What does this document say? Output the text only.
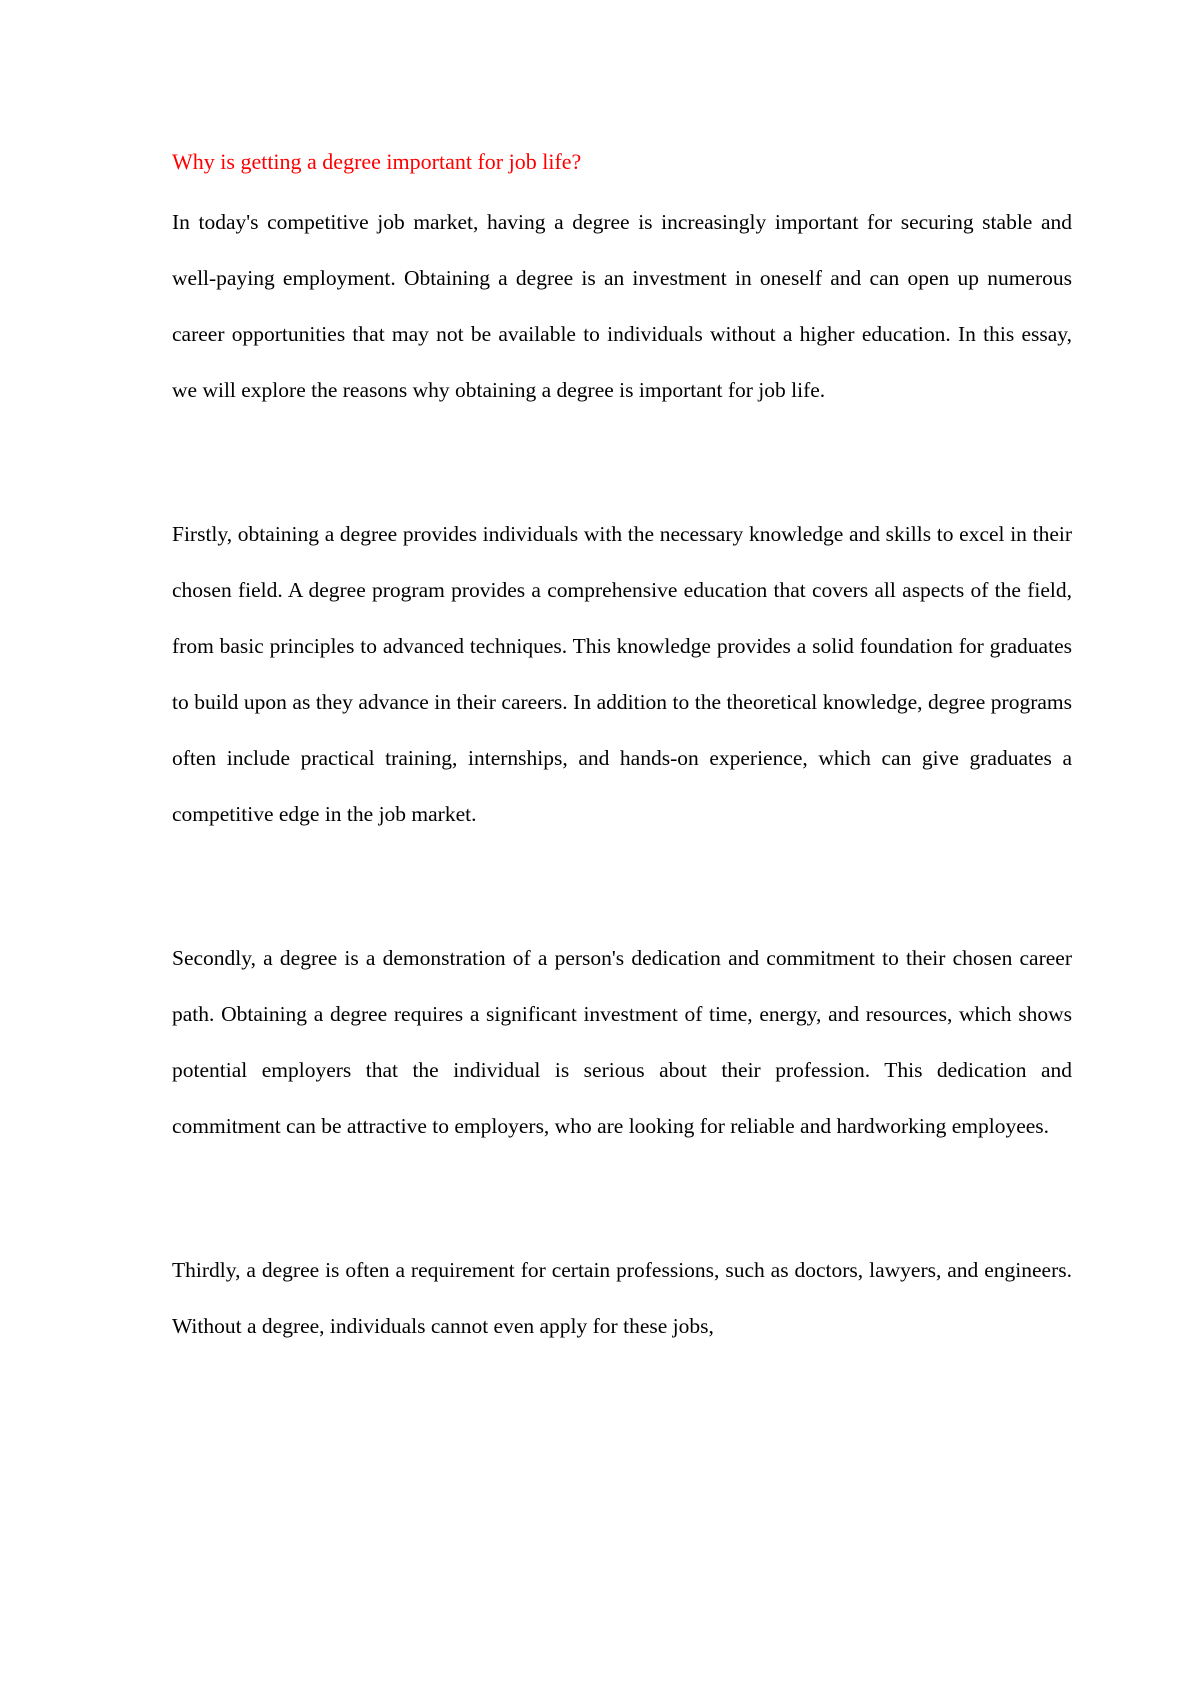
Why is getting a degree important for job life?

In today's competitive job market, having a degree is increasingly important for securing stable and well-paying employment. Obtaining a degree is an investment in oneself and can open up numerous career opportunities that may not be available to individuals without a higher education. In this essay, we will explore the reasons why obtaining a degree is important for job life.

Firstly, obtaining a degree provides individuals with the necessary knowledge and skills to excel in their chosen field. A degree program provides a comprehensive education that covers all aspects of the field, from basic principles to advanced techniques. This knowledge provides a solid foundation for graduates to build upon as they advance in their careers. In addition to the theoretical knowledge, degree programs often include practical training, internships, and hands-on experience, which can give graduates a competitive edge in the job market.

Secondly, a degree is a demonstration of a person's dedication and commitment to their chosen career path. Obtaining a degree requires a significant investment of time, energy, and resources, which shows potential employers that the individual is serious about their profession. This dedication and commitment can be attractive to employers, who are looking for reliable and hardworking employees.

Thirdly, a degree is often a requirement for certain professions, such as doctors, lawyers, and engineers. Without a degree, individuals cannot even apply for these jobs,
